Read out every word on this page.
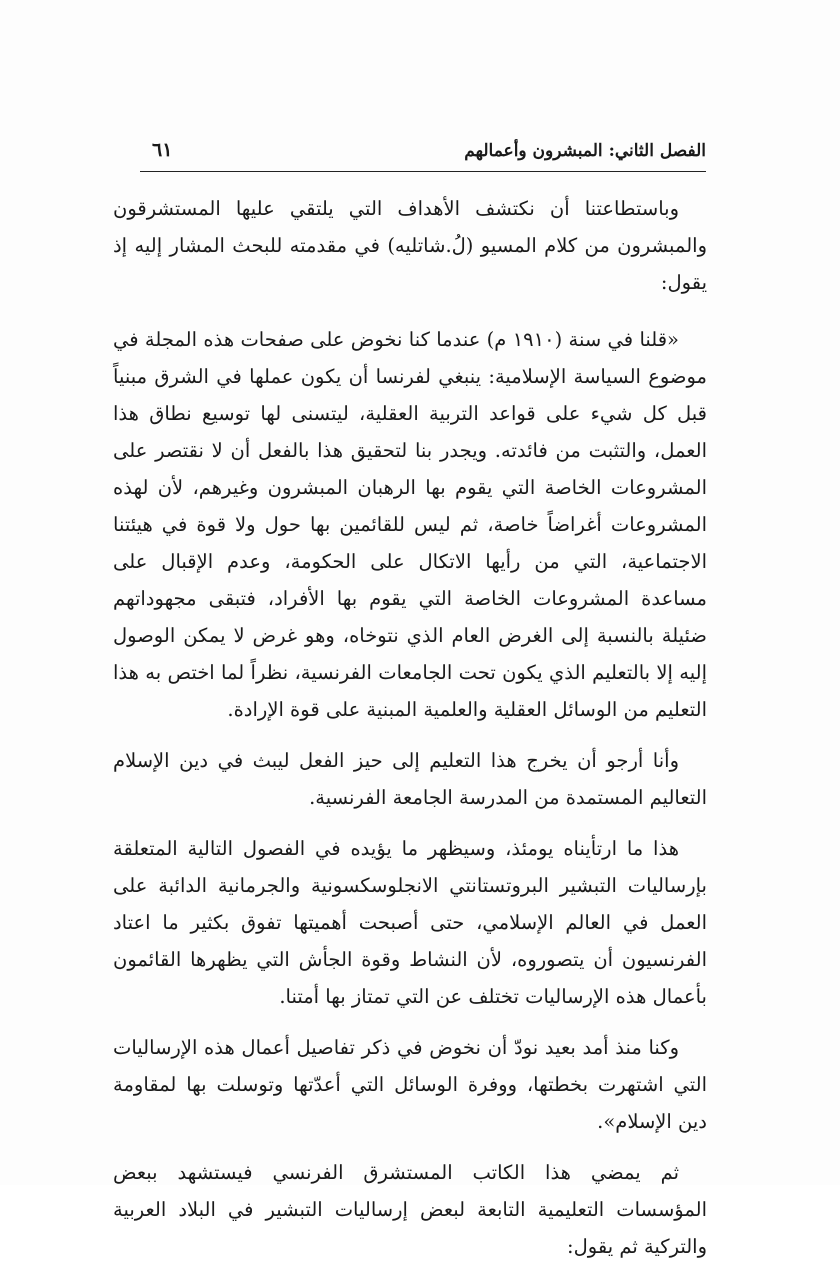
الفصل الثاني: المبشرون وأعمالهم
٦١

وباستطاعتنا أن نكتشف الأهداف التي يلتقي عليها المستشرقون والمبشرون من كلام المسيو (لُ.شاتليه) في مقدمته للبحث المشار إليه إذ يقول:

«قلنا في سنة (١٩١٠ م) عندما كنا نخوض على صفحات هذه المجلة في موضوع السياسة الإسلامية: ينبغي لفرنسا أن يكون عملها في الشرق مبنياً قبل كل شيء على قواعد التربية العقلية، ليتسنى لها توسيع نطاق هذا العمل، والتثبت من فائدته. ويجدر بنا لتحقيق هذا بالفعل أن لا نقتصر على المشروعات الخاصة التي يقوم بها الرهبان المبشرون وغيرهم، لأن لهذه المشروعات أغراضاً خاصة، ثم ليس للقائمين بها حول ولا قوة في هيئتنا الاجتماعية، التي من رأيها الاتكال على الحكومة، وعدم الإقبال على مساعدة المشروعات الخاصة التي يقوم بها الأفراد، فتبقى مجهوداتهم ضئيلة بالنسبة إلى الغرض العام الذي نتوخاه، وهو غرض لا يمكن الوصول إليه إلا بالتعليم الذي يكون تحت الجامعات الفرنسية، نظراً لما اختص به هذا التعليم من الوسائل العقلية والعلمية المبنية على قوة الإرادة.

وأنا أرجو أن يخرج هذا التعليم إلى حيز الفعل ليبث في دين الإسلام التعاليم المستمدة من المدرسة الجامعة الفرنسية.

هذا ما ارتأيناه يومئذ، وسيظهر ما يؤيده في الفصول التالية المتعلقة بإرساليات التبشير البروتستانتي الانجلوسكسونية والجرمانية الدائبة على العمل في العالم الإسلامي، حتى أصبحت أهميتها تفوق بكثير ما اعتاد الفرنسيون أن يتصوروه، لأن النشاط وقوة الجأش التي يظهرها القائمون بأعمال هذه الإرساليات تختلف عن التي تمتاز بها أمتنا.

وكنا منذ أمد بعيد نودّ أن نخوض في ذكر تفاصيل أعمال هذه الإرساليات التي اشتهرت بخطتها، ووفرة الوسائل التي أعدّتها وتوسلت بها لمقاومة دين الإسلام».

ثم يمضي هذا الكاتب المستشرق الفرنسي فيستشهد ببعض المؤسسات التعليمية التابعة لبعض إرساليات التبشير في البلاد العربية والتركية ثم يقول:
